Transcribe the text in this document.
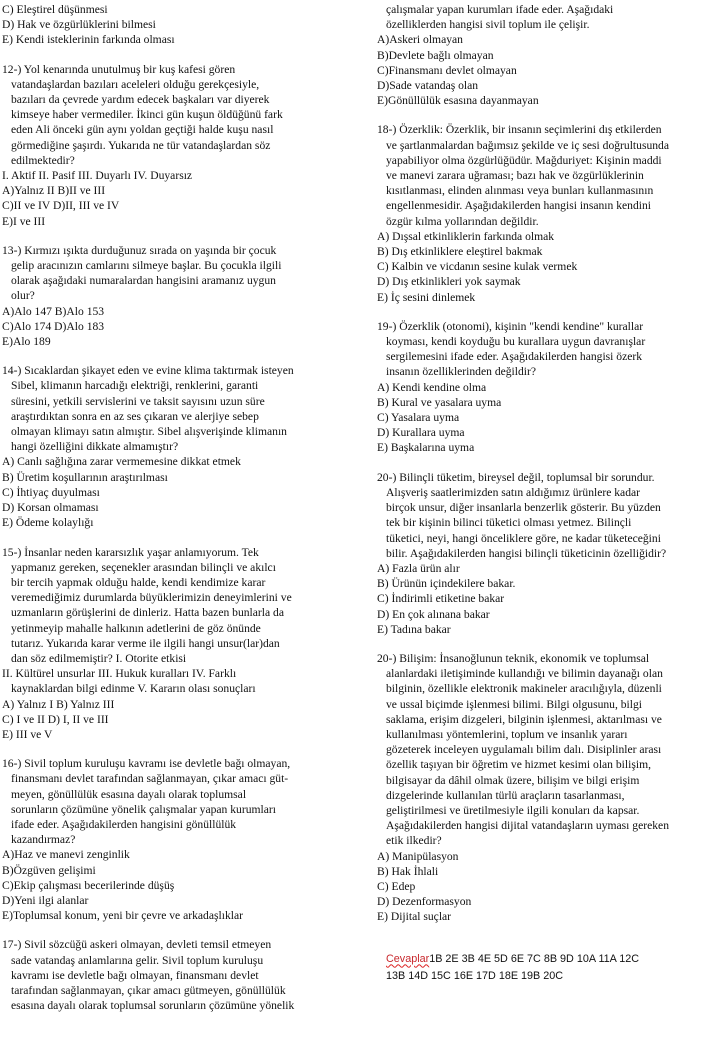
C) Eleştirel düşünmesi
D) Hak ve özgürlüklerini bilmesi
E) Kendi isteklerinin farkında olması
12-) Yol kenarında unutulmuş bir kuş kafesi gören
vatandaşlardan bazıları aceleleri olduğu gerekçesiyle,
bazıları da çevrede yardım edecek başkaları var diyerek
kimseye haber vermediler. İkinci gün kuşun öldüğünü fark
eden Ali önceki gün aynı yoldan geçtiği halde kuşu nasıl
görmediğine şaşırdı. Yukarıda ne tür vatandaşlardan söz
edilmektedir?
I. Aktif II. Pasif III. Duyarlı IV. Duyarsız
A)Yalnız II B)II ve III
C)II ve IV D)II, III ve IV
E)I ve III
13-) Kırmızı ışıkta durduğunuz sırada on yaşında bir çocuk
gelip aracınızın camlarını silmeye başlar. Bu çocukla ilgili
olarak aşağıdaki numaralardan hangisini aramanız uygun
olur?
A)Alo 147 B)Alo 153
C)Alo 174 D)Alo 183
E)Alo 189
14-) Sıcaklardan şikayet eden ve evine klima taktırmak isteyen
Sibel, klimanın harcadığı elektriği, renklerini, garanti
süresini, yetkili servislerini ve taksit sayısını uzun süre
araştırdıktan sonra en az ses çıkaran ve alerjiye sebep
olmayan klimayı satın almıştır. Sibel alışverişinde klimanın
hangi özelliğini dikkate almamıştır?
A) Canlı sağlığına zarar vermemesine dikkat etmek
B) Üretim koşullarının araştırılması
C) İhtiyaç duyulması
D) Korsan olmaması
E) Ödeme kolaylığı
15-) İnsanlar neden kararsızlık yaşar anlamıyorum. Tek
yapmanız gereken, seçenekler arasından bilinçli ve akılcı
bir tercih yapmak olduğu halde, kendi kendimize karar
veremediğimiz durumlarda büyüklerimizin deneyimlerini ve
uzmanların görüşlerini de dinleriz. Hatta bazen bunlarla da
yetinmeyip mahalle halkının adetlerini de göz önünde
tutarız. Yukarıda karar verme ile ilgili hangi unsur(lar)dan
dan söz edilmemiştir? I. Otorite etkisi
II. Kültürel unsurlar III. Hukuk kuralları IV. Farklı
kaynaklardan bilgi edinme V. Kararın olası sonuçları
A) Yalnız I B) Yalnız III
C) I ve II D) I, II ve III
E) III ve V
16-) Sivil toplum kuruluşu kavramı ise devletle bağı olmayan,
finansmanı devlet tarafından sağlanmayan, çıkar amacı güt-
meyen, gönüllülük esasına dayalı olarak toplumsal
sorunların çözümüne yönelik çalışmalar yapan kurumları
ifade eder. Aşağıdakilerden hangisini gönüllülük
kazandırmaz?
A)Haz ve manevi zenginlik
B)Özgüven gelişimi
C)Ekip çalışması becerilerinde düşüş
D)Yeni ilgi alanlar
E)Toplumsal konum, yeni bir çevre ve arkadaşlıklar
17-) Sivil sözcüğü askeri olmayan, devleti temsil etmeyen
sade vatandaş anlamlarına gelir. Sivil toplum kuruluşu
kavramı ise devletle bağı olmayan, finansmanı devlet
tarafından sağlanmayan, çıkar amacı gütmeyen, gönüllülük
esasına dayalı olarak toplumsal sorunların çözümüne yönelik
çalışmalar yapan kurumları ifade eder. Aşağıdaki
özelliklerden hangisi sivil toplum ile çelişir.
A)Askeri olmayan
B)Devlete bağlı olmayan
C)Finansmanı devlet olmayan
D)Sade vatandaş olan
E)Gönüllülük esasına dayanmayan
18-) Özerklik: Özerklik, bir insanın seçimlerini dış etkilerden
ve şartlanmalardan bağımsız şekilde ve iç sesi doğrultusunda
yapabiliyor olma özgürlüğüdür. Mağduriyet: Kişinin maddi
ve manevi zarara uğraması; bazı hak ve özgürlüklerinin
kısıtlanması, elinden alınması veya bunları kullanmasının
engellenmesidir. Aşağıdakilerden hangisi insanın kendini
özgür kılma yollarından değildir.
A) Dışsal etkinliklerin farkında olmak
B) Dış etkinliklere eleştirel bakmak
C) Kalbin ve vicdanın sesine kulak vermek
D) Dış etkinlikleri yok saymak
E) İç sesini dinlemek
19-) Özerklik (otonomi), kişinin "kendi kendine" kurallar
koyması, kendi koyduğu bu kurallara uygun davranışlar
sergilemesini ifade eder. Aşağıdakilerden hangisi özerk
insanın özelliklerinden değildir?
A) Kendi kendine olma
B) Kural ve yasalara uyma
C) Yasalara uyma
D) Kurallara uyma
E) Başkalarına uyma
20-) Bilinçli tüketim, bireysel değil, toplumsal bir sorundur.
Alışveriş saatlerimizden satın aldığımız ürünlere kadar
birçok unsur, diğer insanlarla benzerlik gösterir. Bu yüzden
tek bir kişinin bilinci tüketici olması yetmez. Bilinçli
tüketici, neyi, hangi önceliklere göre, ne kadar tüketeceğini
bilir. Aşağıdakilerden hangisi bilinçli tüketicinin özelliğidir?
A) Fazla ürün alır
B) Ürünün içindekilere bakar.
C) İndirimli etiketine bakar
D) En çok alınana bakar
E) Tadına bakar
20-) Bilişim: İnsanoğlunun teknik, ekonomik ve toplumsal
alanlardaki iletişiminde kullandığı ve bilimin dayanağı olan
bilginin, özellikle elektronik makineler aracılığıyla, düzenli
ve ussal biçimde işlenmesi bilimi. Bilgi olgusunu, bilgi
saklama, erişim dizgeleri, bilginin işlenmesi, aktarılması ve
kullanılması yöntemlerini, toplum ve insanlık yararı
gözeterek inceleyen uygulamalı bilim dalı. Disiplinler arası
özellik taşıyan bir öğretim ve hizmet kesimi olan bilişim,
bilgisayar da dâhil olmak üzere, bilişim ve bilgi erişim
dizgelerinde kullanılan türlü araçların tasarlanması,
geliştirilmesi ve üretilmesiyle ilgili konuları da kapsar.
Aşağıdakilerden hangisi dijital vatandaşların uyması gereken
etik ilkedir?
A) Manipülasyon
B) Hak İhlali
C) Edep
D) Dezenformasyon
E) Dijital suçlar
Cevaplar1B 2E 3B 4E 5D 6E 7C 8B 9D 10A 11A 12C
13B 14D 15C 16E 17D 18E 19B 20C
